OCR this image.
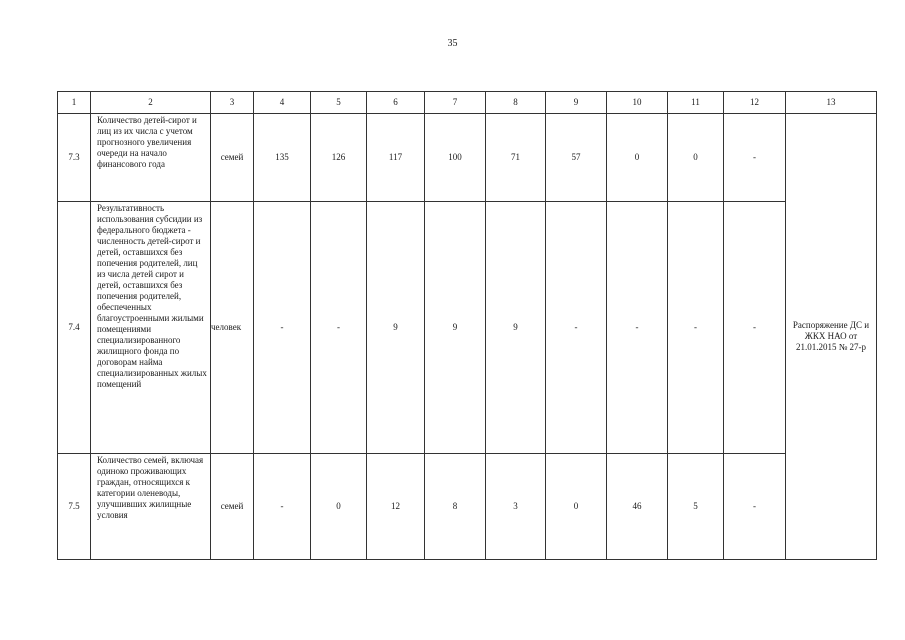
35
1	2	3	4	5	6	7	8	9	10	11	12	13
7.3	Количество детей-сирот и лиц из их числа с учетом прогнозного увеличения очереди на начало финансового года	семей	135	126	117	100	71	57	0	0	-	Распоряжение ДС и ЖКХ НАО от 21.01.2015 № 27-р
7.4	Результативность использования субсидии из федерального бюджета - численность детей-сирот и детей, оставшихся без попечения родителей, лиц из числа детей сирот и детей, оставшихся без попечения родителей, обеспеченных благоустроенными жилыми помещениями специализированного жилищного фонда по договорам найма специализированных жилых помещений	человек	-	-	9	9	9	-	-	-	-	
7.5	Количество семей, включая одиноко проживающих граждан, относящихся к категории оленеводы, улучшивших жилищные условия	семей	-	0	12	8	3	0	46	5	-	
